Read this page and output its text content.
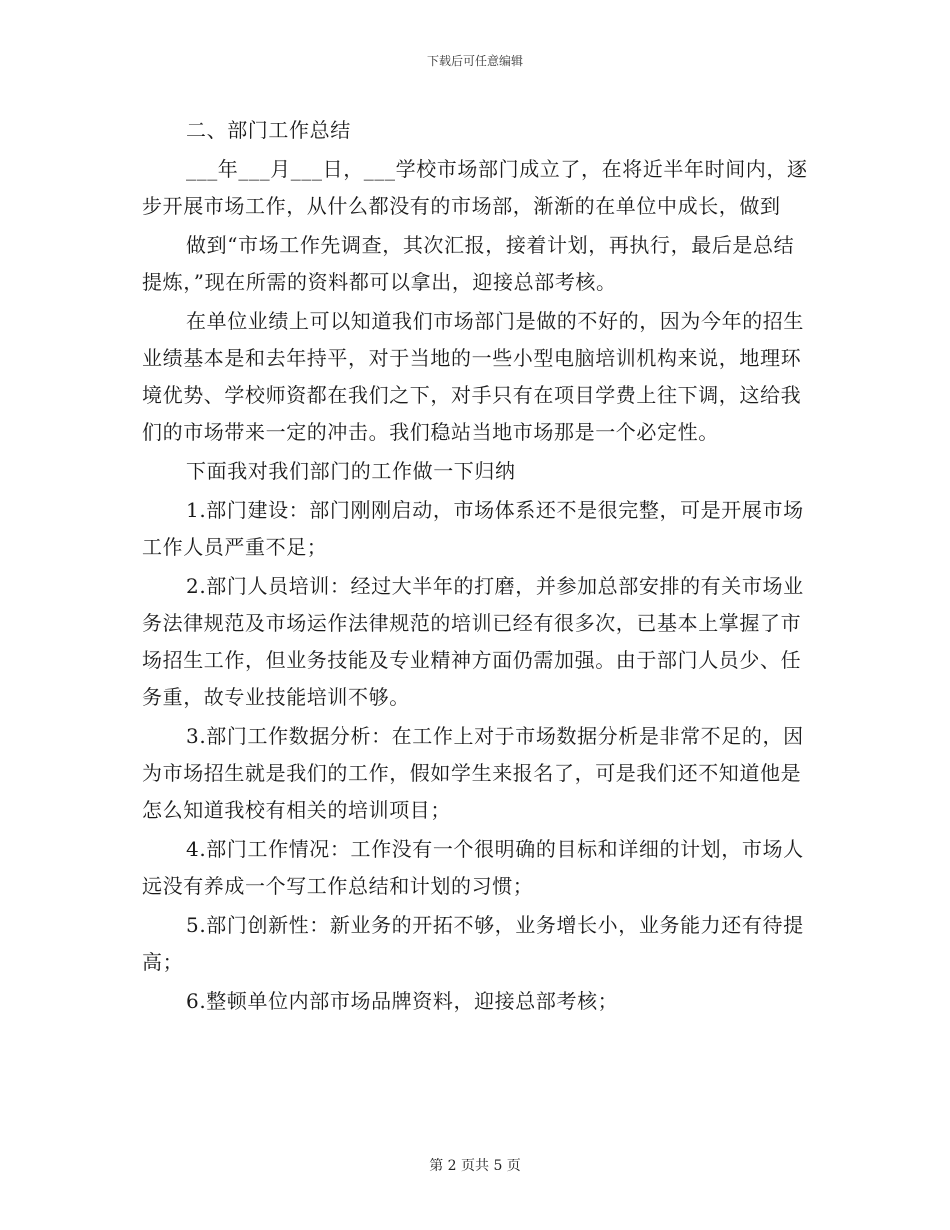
下载后可任意编辑

二、部门工作总结

___年___月___日，___学校市场部门成立了，在将近半年时间内，逐步开展市场工作，从什么都没有的市场部，渐渐的在单位中成长，做到

做到“市场工作先调查，其次汇报，接着计划，再执行，最后是总结提炼，”现在所需的资料都可以拿出，迎接总部考核。

在单位业绩上可以知道我们市场部门是做的不好的，因为今年的招生业绩基本是和去年持平，对于当地的一些小型电脑培训机构来说，地理环境优势、学校师资都在我们之下，对手只有在项目学费上往下调，这给我们的市场带来一定的冲击。我们稳站当地市场那是一个必定性。

下面我对我们部门的工作做一下归纳

1.部门建设：部门刚刚启动，市场体系还不是很完整，可是开展市场工作人员严重不足；

2.部门人员培训：经过大半年的打磨，并参加总部安排的有关市场业务法律规范及市场运作法律规范的培训已经有很多次，已基本上掌握了市场招生工作，但业务技能及专业精神方面仍需加强。由于部门人员少、任务重，故专业技能培训不够。

3.部门工作数据分析：在工作上对于市场数据分析是非常不足的，因为市场招生就是我们的工作，假如学生来报名了，可是我们还不知道他是怎么知道我校有相关的培训项目；

4.部门工作情况：工作没有一个很明确的目标和详细的计划，市场人远没有养成一个写工作总结和计划的习惯；

5.部门创新性：新业务的开拓不够，业务增长小，业务能力还有待提高；

6.整顿单位内部市场品牌资料，迎接总部考核；

第 2 页共 5 页
